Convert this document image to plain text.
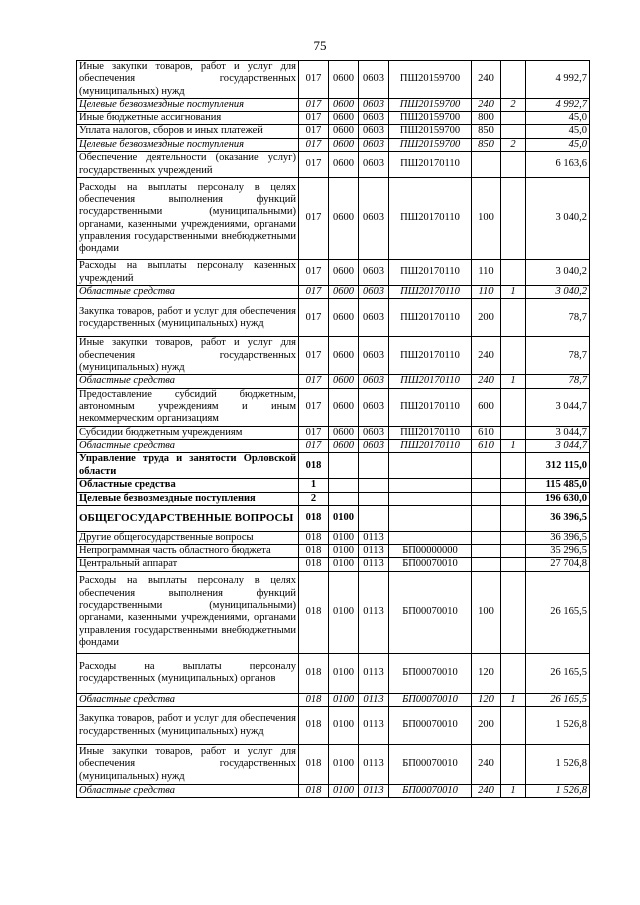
75
Иные закупки товаров, работ и услуг для обеспечения государственных (муниципальных) нужд	017	0600	0603	ПШ20159700	240		4 992,7
Целевые безвозмездные поступления	017	0600	0603	ПШ20159700	240	2	4 992,7
Иные бюджетные ассигнования	017	0600	0603	ПШ20159700	800		45,0
Уплата налогов, сборов и иных платежей	017	0600	0603	ПШ20159700	850		45,0
Целевые безвозмездные поступления	017	0600	0603	ПШ20159700	850	2	45,0
Обеспечение деятельности (оказание услуг) государственных учреждений	017	0600	0603	ПШ20170110			6 163,6
Расходы на выплаты персоналу в целях обеспечения выполнения функций государственными (муниципальными) органами, казенными учреждениями, органами управления государственными внебюджетными фондами	017	0600	0603	ПШ20170110	100		3 040,2
Расходы на выплаты персоналу казенных учреждений	017	0600	0603	ПШ20170110	110		3 040,2
Областные средства	017	0600	0603	ПШ20170110	110	1	3 040,2
Закупка товаров, работ и услуг для обеспечения государственных (муниципальных) нужд	017	0600	0603	ПШ20170110	200		78,7
Иные закупки товаров, работ и услуг для обеспечения государственных (муниципальных) нужд	017	0600	0603	ПШ20170110	240		78,7
Областные средства	017	0600	0603	ПШ20170110	240	1	78,7
Предоставление субсидий бюджетным, автономным учреждениям и иным некоммерческим организациям	017	0600	0603	ПШ20170110	600		3 044,7
Субсидии бюджетным учреждениям	017	0600	0603	ПШ20170110	610		3 044,7
Областные средства	017	0600	0603	ПШ20170110	610	1	3 044,7
Управление труда и занятости Орловской области	018						312 115,0
Областные средства	1						115 485,0
Целевые безвозмездные поступления	2						196 630,0
ОБЩЕГОСУДАРСТВЕННЫЕ ВОПРОСЫ	018	0100					36 396,5
Другие общегосударственные вопросы	018	0100	0113				36 396,5
Непрограммная часть областного бюджета	018	0100	0113	БП00000000			35 296,5
Центральный аппарат	018	0100	0113	БП00070010			27 704,8
Расходы на выплаты персоналу в целях обеспечения выполнения функций государственными (муниципальными) органами, казенными учреждениями, органами управления государственными внебюджетными фондами	018	0100	0113	БП00070010	100		26 165,5
Расходы на выплаты персоналу государственных (муниципальных) органов	018	0100	0113	БП00070010	120		26 165,5
Областные средства	018	0100	0113	БП00070010	120	1	26 165,5
Закупка товаров, работ и услуг для обеспечения государственных (муниципальных) нужд	018	0100	0113	БП00070010	200		1 526,8
Иные закупки товаров, работ и услуг для обеспечения государственных (муниципальных) нужд	018	0100	0113	БП00070010	240		1 526,8
Областные средства	018	0100	0113	БП00070010	240	1	1 526,8
